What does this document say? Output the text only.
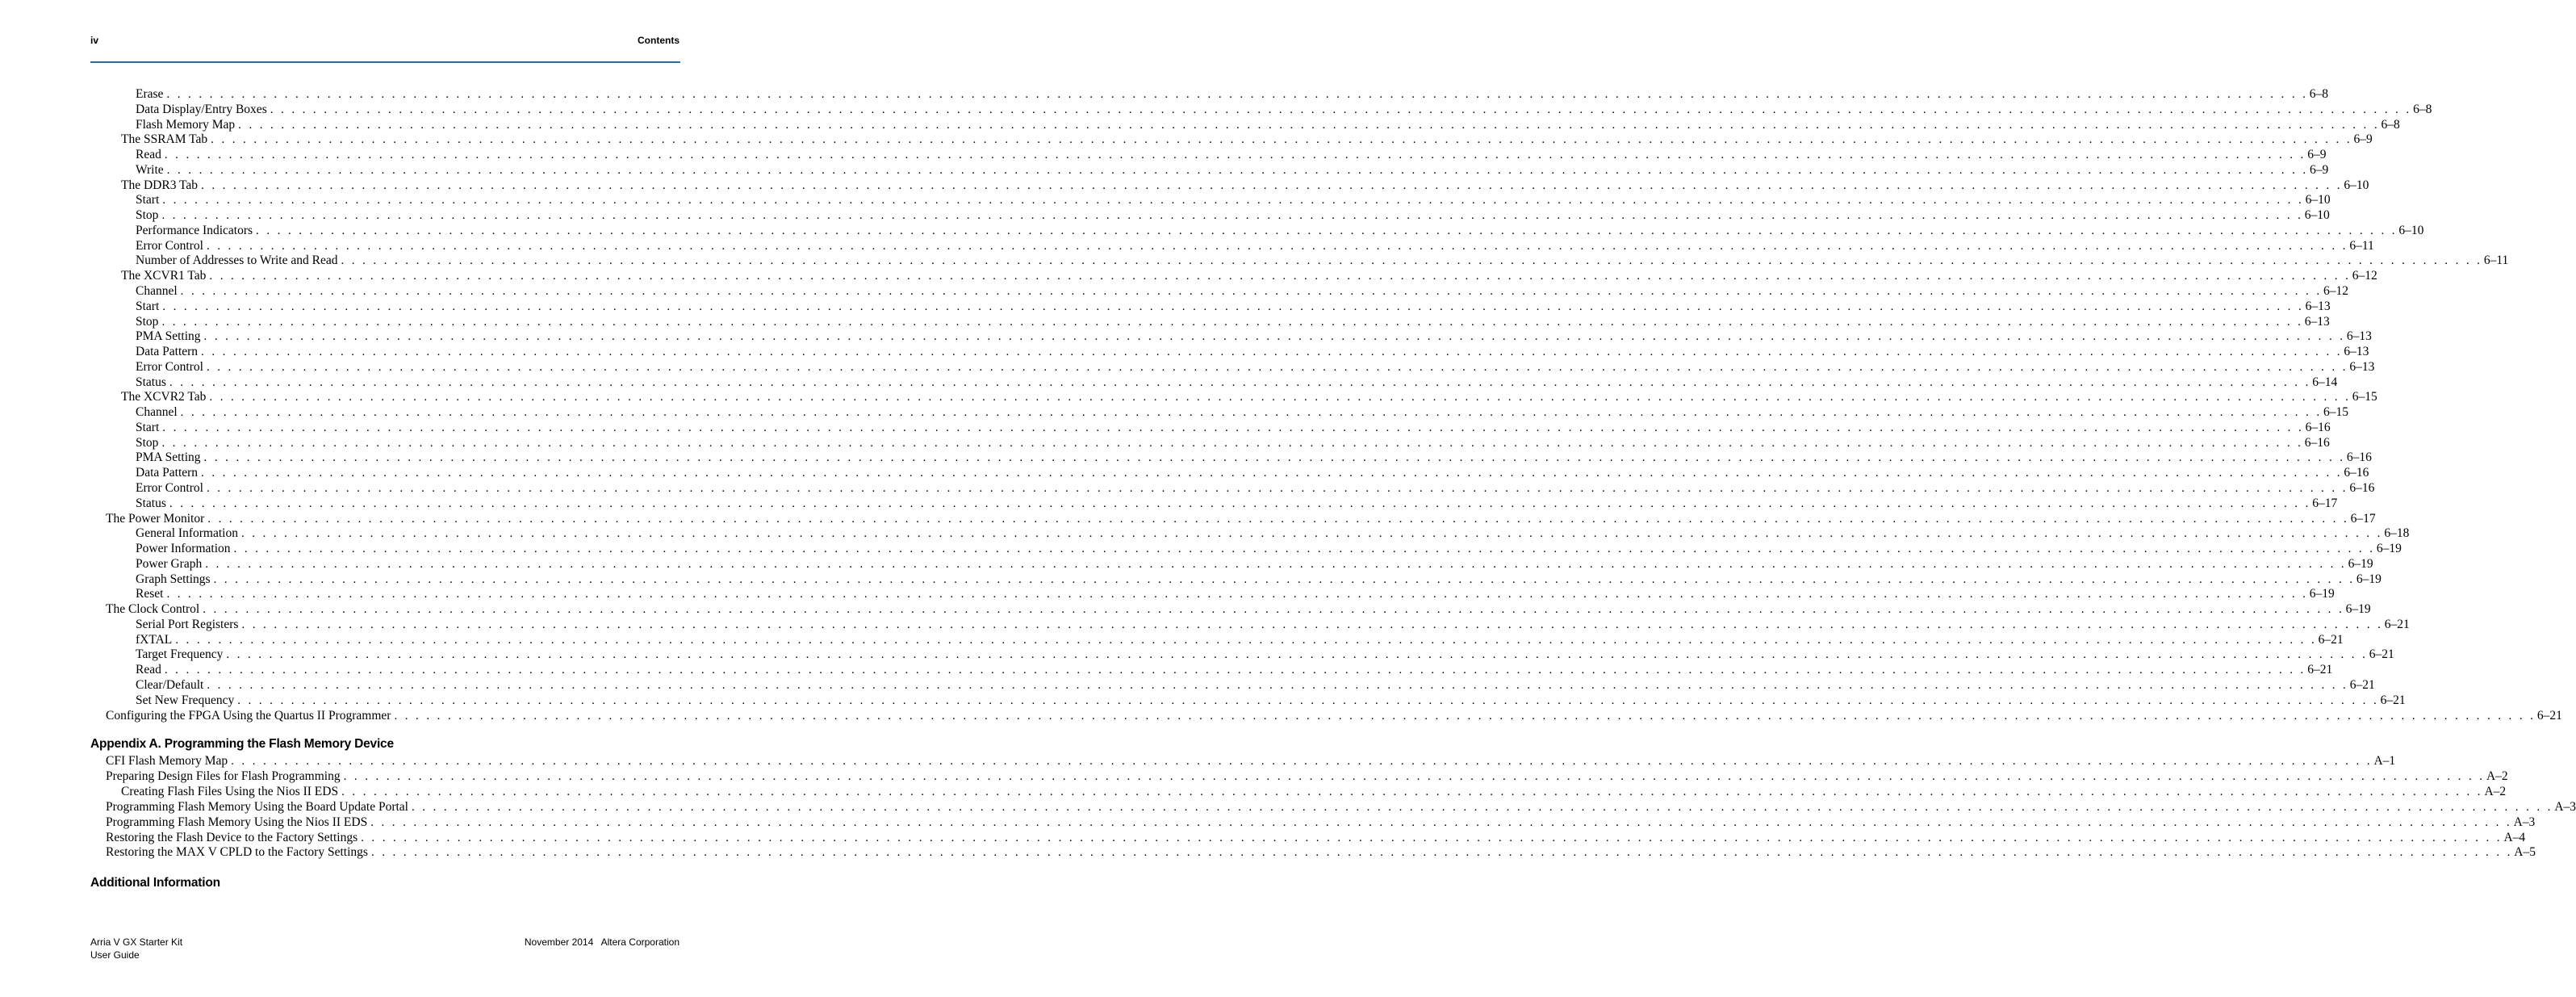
iv	Contents
Erase . . . . . . . . . . . . . . . . . . . . . . . . . . . . . . . . . . . . . . . . . . . . . . . . . . . . . . . . . . . . . . . . . . . . . . . . . . . . . . . . . . . . . . . . . . . . . . . . . . . . . . . . . . . . . . . . . . . . . . . . . . . . . . . . . . . . . . . . . . . . . . . . . . . . . . . . . . . . . . . . . . . . . . . . . . . . . . . . . . . . . . . . . . . . . . . . . . . . . . . . 6–8
Data Display/Entry Boxes . . . . . . . . . . . . . . . . . . . . . . . . . . . . . . . . . . . . . . . . . . . . . . . . . . . . . . . . . . . . . . . . . . . . . . . . . . . . . . . . . . . . . . . . . . . . . . . . . . . . . . . . . . . . . . . . . . . . . . . . . . . . . . . . . . . . . . . . . . . . . . . . . . . . . . . . . . . . . . . . . . . . . . . . . . . . . . . . . . . . . . . . . . . . . . . . . . . . . . . . 6–8
Flash Memory Map . . . . . . . . . . . . . . . . . . . . . . . . . . . . . . . . . . . . . . . . . . . . . . . . . . . . . . . . . . . . . . . . . . . . . . . . . . . . . . . . . . . . . . . . . . . . . . . . . . . . . . . . . . . . . . . . . . . . . . . . . . . . . . . . . . . . . . . . . . . . . . . . . . . . . . . . . . . . . . . . . . . . . . . . . . . . . . . . . . . . . . . . . . . . . . . . . . . . . . . . 6–8
The SSRAM Tab . . . . . . . . . . . . . . . . . . . . . . . . . . . . . . . . . . . . . . . . . . . . . . . . . . . . . . . . . . . . . . . . . . . . . . . . . . . . . . . . . . . . . . . . . . . . . . . . . . . . . . . . . . . . . . . . . . . . . . . . . . . . . . . . . . . . . . . . . . . . . . . . . . . . . . . . . . . . . . . . . . . . . . . . . . . . . . . . . . . . . . . . . . . . . . . . . . . . . . . . 6–9
Read . . . . . . . . . . . . . . . . . . . . . . . . . . . . . . . . . . . . . . . . . . . . . . . . . . . . . . . . . . . . . . . . . . . . . . . . . . . . . . . . . . . . . . . . . . . . . . . . . . . . . . . . . . . . . . . . . . . . . . . . . . . . . . . . . . . . . . . . . . . . . . . . . . . . . . . . . . . . . . . . . . . . . . . . . . . . . . . . . . . . . . . . . . . . . . . . . . . . . . . . 6–9
Write . . . . . . . . . . . . . . . . . . . . . . . . . . . . . . . . . . . . . . . . . . . . . . . . . . . . . . . . . . . . . . . . . . . . . . . . . . . . . . . . . . . . . . . . . . . . . . . . . . . . . . . . . . . . . . . . . . . . . . . . . . . . . . . . . . . . . . . . . . . . . . . . . . . . . . . . . . . . . . . . . . . . . . . . . . . . . . . . . . . . . . . . . . . . . . . . . . . . . . . . 6–9
The DDR3 Tab . . . . . . . . . . . . . . . . . . . . . . . . . . . . . . . . . . . . . . . . . . . . . . . . . . . . . . . . . . . . . . . . . . . . . . . . . . . . . . . . . . . . . . . . . . . . . . . . . . . . . . . . . . . . . . . . . . . . . . . . . . . . . . . . . . . . . . . . . . . . . . . . . . . . . . . . . . . . . . . . . . . . . . . . . . . . . . . . . . . . . . . . . . . . . . . . . . . . . . . . 6–10
Start . . . . . . . . . . . . . . . . . . . . . . . . . . . . . . . . . . . . . . . . . . . . . . . . . . . . . . . . . . . . . . . . . . . . . . . . . . . . . . . . . . . . . . . . . . . . . . . . . . . . . . . . . . . . . . . . . . . . . . . . . . . . . . . . . . . . . . . . . . . . . . . . . . . . . . . . . . . . . . . . . . . . . . . . . . . . . . . . . . . . . . . . . . . . . . . . . . . . . . . . 6–10
Stop . . . . . . . . . . . . . . . . . . . . . . . . . . . . . . . . . . . . . . . . . . . . . . . . . . . . . . . . . . . . . . . . . . . . . . . . . . . . . . . . . . . . . . . . . . . . . . . . . . . . . . . . . . . . . . . . . . . . . . . . . . . . . . . . . . . . . . . . . . . . . . . . . . . . . . . . . . . . . . . . . . . . . . . . . . . . . . . . . . . . . . . . . . . . . . . . . . . . . . . . 6–10
Performance Indicators . . . . . . . . . . . . . . . . . . . . . . . . . . . . . . . . . . . . . . . . . . . . . . . . . . . . . . . . . . . . . . . . . . . . . . . . . . . . . . . . . . . . . . . . . . . . . . . . . . . . . . . . . . . . . . . . . . . . . . . . . . . . . . . . . . . . . . . . . . . . . . . . . . . . . . . . . . . . . . . . . . . . . . . . . . . . . . . . . . . . . . . . . . . . . . . . . . . . . . . . 6–10
Error Control . . . . . . . . . . . . . . . . . . . . . . . . . . . . . . . . . . . . . . . . . . . . . . . . . . . . . . . . . . . . . . . . . . . . . . . . . . . . . . . . . . . . . . . . . . . . . . . . . . . . . . . . . . . . . . . . . . . . . . . . . . . . . . . . . . . . . . . . . . . . . . . . . . . . . . . . . . . . . . . . . . . . . . . . . . . . . . . . . . . . . . . . . . . . . . . . . . . . . . . . 6–11
Number of Addresses to Write and Read . . . . . . . . . . . . . . . . . . . . . . . . . . . . . . . . . . . . . . . . . . . . . . . . . . . . . . . . . . . . . . . . . . . . . . . . . . . . . . . . . . . . . . . . . . . . . . . . . . . . . . . . . . . . . . . . . . . . . . . . . . . . . . . . . . . . . . . . . . . . . . . . . . . . . . . . . . . . . . . . . . . . . . . . . . . . . . . . . . . . . . . . . . . . . . . . . . . . . . . . 6–11
The XCVR1 Tab . . . . . . . . . . . . . . . . . . . . . . . . . . . . . . . . . . . . . . . . . . . . . . . . . . . . . . . . . . . . . . . . . . . . . . . . . . . . . . . . . . . . . . . . . . . . . . . . . . . . . . . . . . . . . . . . . . . . . . . . . . . . . . . . . . . . . . . . . . . . . . . . . . . . . . . . . . . . . . . . . . . . . . . . . . . . . . . . . . . . . . . . . . . . . . . . . . . . . . . . 6–12
Channel . . . . . . . . . . . . . . . . . . . . . . . . . . . . . . . . . . . . . . . . . . . . . . . . . . . . . . . . . . . . . . . . . . . . . . . . . . . . . . . . . . . . . . . . . . . . . . . . . . . . . . . . . . . . . . . . . . . . . . . . . . . . . . . . . . . . . . . . . . . . . . . . . . . . . . . . . . . . . . . . . . . . . . . . . . . . . . . . . . . . . . . . . . . . . . . . . . . . . . . . 6–12
Start . . . . . . . . . . . . . . . . . . . . . . . . . . . . . . . . . . . . . . . . . . . . . . . . . . . . . . . . . . . . . . . . . . . . . . . . . . . . . . . . . . . . . . . . . . . . . . . . . . . . . . . . . . . . . . . . . . . . . . . . . . . . . . . . . . . . . . . . . . . . . . . . . . . . . . . . . . . . . . . . . . . . . . . . . . . . . . . . . . . . . . . . . . . . . . . . . . . . . . . . 6–13
Stop . . . . . . . . . . . . . . . . . . . . . . . . . . . . . . . . . . . . . . . . . . . . . . . . . . . . . . . . . . . . . . . . . . . . . . . . . . . . . . . . . . . . . . . . . . . . . . . . . . . . . . . . . . . . . . . . . . . . . . . . . . . . . . . . . . . . . . . . . . . . . . . . . . . . . . . . . . . . . . . . . . . . . . . . . . . . . . . . . . . . . . . . . . . . . . . . . . . . . . . . 6–13
PMA Setting . . . . . . . . . . . . . . . . . . . . . . . . . . . . . . . . . . . . . . . . . . . . . . . . . . . . . . . . . . . . . . . . . . . . . . . . . . . . . . . . . . . . . . . . . . . . . . . . . . . . . . . . . . . . . . . . . . . . . . . . . . . . . . . . . . . . . . . . . . . . . . . . . . . . . . . . . . . . . . . . . . . . . . . . . . . . . . . . . . . . . . . . . . . . . . . . . . . . . . . . 6–13
Data Pattern . . . . . . . . . . . . . . . . . . . . . . . . . . . . . . . . . . . . . . . . . . . . . . . . . . . . . . . . . . . . . . . . . . . . . . . . . . . . . . . . . . . . . . . . . . . . . . . . . . . . . . . . . . . . . . . . . . . . . . . . . . . . . . . . . . . . . . . . . . . . . . . . . . . . . . . . . . . . . . . . . . . . . . . . . . . . . . . . . . . . . . . . . . . . . . . . . . . . . . . . 6–13
Error Control . . . . . . . . . . . . . . . . . . . . . . . . . . . . . . . . . . . . . . . . . . . . . . . . . . . . . . . . . . . . . . . . . . . . . . . . . . . . . . . . . . . . . . . . . . . . . . . . . . . . . . . . . . . . . . . . . . . . . . . . . . . . . . . . . . . . . . . . . . . . . . . . . . . . . . . . . . . . . . . . . . . . . . . . . . . . . . . . . . . . . . . . . . . . . . . . . . . . . . . . 6–13
Status . . . . . . . . . . . . . . . . . . . . . . . . . . . . . . . . . . . . . . . . . . . . . . . . . . . . . . . . . . . . . . . . . . . . . . . . . . . . . . . . . . . . . . . . . . . . . . . . . . . . . . . . . . . . . . . . . . . . . . . . . . . . . . . . . . . . . . . . . . . . . . . . . . . . . . . . . . . . . . . . . . . . . . . . . . . . . . . . . . . . . . . . . . . . . . . . . . . . . . . . 6–14
The XCVR2 Tab . . . . . . . . . . . . . . . . . . . . . . . . . . . . . . . . . . . . . . . . . . . . . . . . . . . . . . . . . . . . . . . . . . . . . . . . . . . . . . . . . . . . . . . . . . . . . . . . . . . . . . . . . . . . . . . . . . . . . . . . . . . . . . . . . . . . . . . . . . . . . . . . . . . . . . . . . . . . . . . . . . . . . . . . . . . . . . . . . . . . . . . . . . . . . . . . . . . . . . . . 6–15
Channel . . . . . . . . . . . . . . . . . . . . . . . . . . . . . . . . . . . . . . . . . . . . . . . . . . . . . . . . . . . . . . . . . . . . . . . . . . . . . . . . . . . . . . . . . . . . . . . . . . . . . . . . . . . . . . . . . . . . . . . . . . . . . . . . . . . . . . . . . . . . . . . . . . . . . . . . . . . . . . . . . . . . . . . . . . . . . . . . . . . . . . . . . . . . . . . . . . . . . . . . 6–15
Start . . . . . . . . . . . . . . . . . . . . . . . . . . . . . . . . . . . . . . . . . . . . . . . . . . . . . . . . . . . . . . . . . . . . . . . . . . . . . . . . . . . . . . . . . . . . . . . . . . . . . . . . . . . . . . . . . . . . . . . . . . . . . . . . . . . . . . . . . . . . . . . . . . . . . . . . . . . . . . . . . . . . . . . . . . . . . . . . . . . . . . . . . . . . . . . . . . . . . . . . 6–16
Stop . . . . . . . . . . . . . . . . . . . . . . . . . . . . . . . . . . . . . . . . . . . . . . . . . . . . . . . . . . . . . . . . . . . . . . . . . . . . . . . . . . . . . . . . . . . . . . . . . . . . . . . . . . . . . . . . . . . . . . . . . . . . . . . . . . . . . . . . . . . . . . . . . . . . . . . . . . . . . . . . . . . . . . . . . . . . . . . . . . . . . . . . . . . . . . . . . . . . . . . . 6–16
PMA Setting . . . . . . . . . . . . . . . . . . . . . . . . . . . . . . . . . . . . . . . . . . . . . . . . . . . . . . . . . . . . . . . . . . . . . . . . . . . . . . . . . . . . . . . . . . . . . . . . . . . . . . . . . . . . . . . . . . . . . . . . . . . . . . . . . . . . . . . . . . . . . . . . . . . . . . . . . . . . . . . . . . . . . . . . . . . . . . . . . . . . . . . . . . . . . . . . . . . . . . . . 6–16
Data Pattern . . . . . . . . . . . . . . . . . . . . . . . . . . . . . . . . . . . . . . . . . . . . . . . . . . . . . . . . . . . . . . . . . . . . . . . . . . . . . . . . . . . . . . . . . . . . . . . . . . . . . . . . . . . . . . . . . . . . . . . . . . . . . . . . . . . . . . . . . . . . . . . . . . . . . . . . . . . . . . . . . . . . . . . . . . . . . . . . . . . . . . . . . . . . . . . . . . . . . . . . 6–16
Error Control . . . . . . . . . . . . . . . . . . . . . . . . . . . . . . . . . . . . . . . . . . . . . . . . . . . . . . . . . . . . . . . . . . . . . . . . . . . . . . . . . . . . . . . . . . . . . . . . . . . . . . . . . . . . . . . . . . . . . . . . . . . . . . . . . . . . . . . . . . . . . . . . . . . . . . . . . . . . . . . . . . . . . . . . . . . . . . . . . . . . . . . . . . . . . . . . . . . . . . . . 6–16
Status . . . . . . . . . . . . . . . . . . . . . . . . . . . . . . . . . . . . . . . . . . . . . . . . . . . . . . . . . . . . . . . . . . . . . . . . . . . . . . . . . . . . . . . . . . . . . . . . . . . . . . . . . . . . . . . . . . . . . . . . . . . . . . . . . . . . . . . . . . . . . . . . . . . . . . . . . . . . . . . . . . . . . . . . . . . . . . . . . . . . . . . . . . . . . . . . . . . . . . . . 6–17
The Power Monitor . . . . . . . . . . . . . . . . . . . . . . . . . . . . . . . . . . . . . . . . . . . . . . . . . . . . . . . . . . . . . . . . . . . . . . . . . . . . . . . . . . . . . . . . . . . . . . . . . . . . . . . . . . . . . . . . . . . . . . . . . . . . . . . . . . . . . . . . . . . . . . . . . . . . . . . . . . . . . . . . . . . . . . . . . . . . . . . . . . . . . . . . . . . . . . . . . . . . . . . . 6–17
General Information . . . . . . . . . . . . . . . . . . . . . . . . . . . . . . . . . . . . . . . . . . . . . . . . . . . . . . . . . . . . . . . . . . . . . . . . . . . . . . . . . . . . . . . . . . . . . . . . . . . . . . . . . . . . . . . . . . . . . . . . . . . . . . . . . . . . . . . . . . . . . . . . . . . . . . . . . . . . . . . . . . . . . . . . . . . . . . . . . . . . . . . . . . . . . . . . . . . . . . . . 6–18
Power Information . . . . . . . . . . . . . . . . . . . . . . . . . . . . . . . . . . . . . . . . . . . . . . . . . . . . . . . . . . . . . . . . . . . . . . . . . . . . . . . . . . . . . . . . . . . . . . . . . . . . . . . . . . . . . . . . . . . . . . . . . . . . . . . . . . . . . . . . . . . . . . . . . . . . . . . . . . . . . . . . . . . . . . . . . . . . . . . . . . . . . . . . . . . . . . . . . . . . . . . . 6–19
Power Graph . . . . . . . . . . . . . . . . . . . . . . . . . . . . . . . . . . . . . . . . . . . . . . . . . . . . . . . . . . . . . . . . . . . . . . . . . . . . . . . . . . . . . . . . . . . . . . . . . . . . . . . . . . . . . . . . . . . . . . . . . . . . . . . . . . . . . . . . . . . . . . . . . . . . . . . . . . . . . . . . . . . . . . . . . . . . . . . . . . . . . . . . . . . . . . . . . . . . . . . . 6–19
Graph Settings . . . . . . . . . . . . . . . . . . . . . . . . . . . . . . . . . . . . . . . . . . . . . . . . . . . . . . . . . . . . . . . . . . . . . . . . . . . . . . . . . . . . . . . . . . . . . . . . . . . . . . . . . . . . . . . . . . . . . . . . . . . . . . . . . . . . . . . . . . . . . . . . . . . . . . . . . . . . . . . . . . . . . . . . . . . . . . . . . . . . . . . . . . . . . . . . . . . . . . . . 6–19
Reset . . . . . . . . . . . . . . . . . . . . . . . . . . . . . . . . . . . . . . . . . . . . . . . . . . . . . . . . . . . . . . . . . . . . . . . . . . . . . . . . . . . . . . . . . . . . . . . . . . . . . . . . . . . . . . . . . . . . . . . . . . . . . . . . . . . . . . . . . . . . . . . . . . . . . . . . . . . . . . . . . . . . . . . . . . . . . . . . . . . . . . . . . . . . . . . . . . . . . . . . 6–19
The Clock Control . . . . . . . . . . . . . . . . . . . . . . . . . . . . . . . . . . . . . . . . . . . . . . . . . . . . . . . . . . . . . . . . . . . . . . . . . . . . . . . . . . . . . . . . . . . . . . . . . . . . . . . . . . . . . . . . . . . . . . . . . . . . . . . . . . . . . . . . . . . . . . . . . . . . . . . . . . . . . . . . . . . . . . . . . . . . . . . . . . . . . . . . . . . . . . . . . . . . . . . . 6–19
Serial Port Registers . . . . . . . . . . . . . . . . . . . . . . . . . . . . . . . . . . . . . . . . . . . . . . . . . . . . . . . . . . . . . . . . . . . . . . . . . . . . . . . . . . . . . . . . . . . . . . . . . . . . . . . . . . . . . . . . . . . . . . . . . . . . . . . . . . . . . . . . . . . . . . . . . . . . . . . . . . . . . . . . . . . . . . . . . . . . . . . . . . . . . . . . . . . . . . . . . . . . . . . . 6–21
fXTAL . . . . . . . . . . . . . . . . . . . . . . . . . . . . . . . . . . . . . . . . . . . . . . . . . . . . . . . . . . . . . . . . . . . . . . . . . . . . . . . . . . . . . . . . . . . . . . . . . . . . . . . . . . . . . . . . . . . . . . . . . . . . . . . . . . . . . . . . . . . . . . . . . . . . . . . . . . . . . . . . . . . . . . . . . . . . . . . . . . . . . . . . . . . . . . . . . . . . . . . . 6–21
Target Frequency . . . . . . . . . . . . . . . . . . . . . . . . . . . . . . . . . . . . . . . . . . . . . . . . . . . . . . . . . . . . . . . . . . . . . . . . . . . . . . . . . . . . . . . . . . . . . . . . . . . . . . . . . . . . . . . . . . . . . . . . . . . . . . . . . . . . . . . . . . . . . . . . . . . . . . . . . . . . . . . . . . . . . . . . . . . . . . . . . . . . . . . . . . . . . . . . . . . . . . . . 6–21
Read . . . . . . . . . . . . . . . . . . . . . . . . . . . . . . . . . . . . . . . . . . . . . . . . . . . . . . . . . . . . . . . . . . . . . . . . . . . . . . . . . . . . . . . . . . . . . . . . . . . . . . . . . . . . . . . . . . . . . . . . . . . . . . . . . . . . . . . . . . . . . . . . . . . . . . . . . . . . . . . . . . . . . . . . . . . . . . . . . . . . . . . . . . . . . . . . . . . . . . . . 6–21
Clear/Default . . . . . . . . . . . . . . . . . . . . . . . . . . . . . . . . . . . . . . . . . . . . . . . . . . . . . . . . . . . . . . . . . . . . . . . . . . . . . . . . . . . . . . . . . . . . . . . . . . . . . . . . . . . . . . . . . . . . . . . . . . . . . . . . . . . . . . . . . . . . . . . . . . . . . . . . . . . . . . . . . . . . . . . . . . . . . . . . . . . . . . . . . . . . . . . . . . . . . . . . 6–21
Set New Frequency . . . . . . . . . . . . . . . . . . . . . . . . . . . . . . . . . . . . . . . . . . . . . . . . . . . . . . . . . . . . . . . . . . . . . . . . . . . . . . . . . . . . . . . . . . . . . . . . . . . . . . . . . . . . . . . . . . . . . . . . . . . . . . . . . . . . . . . . . . . . . . . . . . . . . . . . . . . . . . . . . . . . . . . . . . . . . . . . . . . . . . . . . . . . . . . . . . . . . . . . 6–21
Configuring the FPGA Using the Quartus II Programmer . . . . . . . . . . . . . . . . . . . . . . . . . . . . . . . . . . . . . . . . . . . . . . . . . . . . . . . . . . . . . . . . . . . . . . . . . . . . . . . . . . . . . . . . . . . . . . . . . . . . . . . . . . . . . . . . . . . . . . . . . . . . . . . . . . . . . . . . . . . . . . . . . . . . . . . . . . . . . . . . . . . . . . . . . . . . . . . . . . . . . . . . . . . . . . . . . . . . . . . . 6–21
Appendix A. Programming the Flash Memory Device
CFI Flash Memory Map . . . . . . . . . . . . . . . . . . . . . . . . . . . . . . . . . . . . . . . . . . . . . . . . . . . . . . . . . . . . . . . . . . . . . . . . . . . . . . . . . . . . . . . . . . . . . . . . . . . . . . . . . . . . . . . . . . . . . . . . . . . . . . . . . . . . . . . . . . . . . . . . . . . . . . . . . . . . . . . . . . . . . . . . . . . . . . . . . . . . . . . . . . . . . . . . . . . . . . . . A–1
Preparing Design Files for Flash Programming . . . . . . . . . . . . . . . . . . . . . . . . . . . . . . . . . . . . . . . . . . . . . . . . . . . . . . . . . . . . . . . . . . . . . . . . . . . . . . . . . . . . . . . . . . . . . . . . . . . . . . . . . . . . . . . . . . . . . . . . . . . . . . . . . . . . . . . . . . . . . . . . . . . . . . . . . . . . . . . . . . . . . . . . . . . . . . . . . . . . . . . . . . . . . . . . . . . . . . . . A–2
Creating Flash Files Using the Nios II EDS . . . . . . . . . . . . . . . . . . . . . . . . . . . . . . . . . . . . . . . . . . . . . . . . . . . . . . . . . . . . . . . . . . . . . . . . . . . . . . . . . . . . . . . . . . . . . . . . . . . . . . . . . . . . . . . . . . . . . . . . . . . . . . . . . . . . . . . . . . . . . . . . . . . . . . . . . . . . . . . . . . . . . . . . . . . . . . . . . . . . . . . . . . . . . . . . . . . . . . . . A–2
Programming Flash Memory Using the Board Update Portal . . . . . . . . . . . . . . . . . . . . . . . . . . . . . . . . . . . . . . . . . . . . . . . . . . . . . . . . . . . . . . . . . . . . . . . . . . . . . . . . . . . . . . . . . . . . . . . . . . . . . . . . . . . . . . . . . . . . . . . . . . . . . . . . . . . . . . . . . . . . . . . . . . . . . . . . . . . . . . . . . . . . . . . . . . . . . . . . . . . . . . . . . . . . . . . . . . . . . . . . A–3
Programming Flash Memory Using the Nios II EDS . . . . . . . . . . . . . . . . . . . . . . . . . . . . . . . . . . . . . . . . . . . . . . . . . . . . . . . . . . . . . . . . . . . . . . . . . . . . . . . . . . . . . . . . . . . . . . . . . . . . . . . . . . . . . . . . . . . . . . . . . . . . . . . . . . . . . . . . . . . . . . . . . . . . . . . . . . . . . . . . . . . . . . . . . . . . . . . . . . . . . . . . . . . . . . . . . . . . . . . . A–3
Restoring the Flash Device to the Factory Settings . . . . . . . . . . . . . . . . . . . . . . . . . . . . . . . . . . . . . . . . . . . . . . . . . . . . . . . . . . . . . . . . . . . . . . . . . . . . . . . . . . . . . . . . . . . . . . . . . . . . . . . . . . . . . . . . . . . . . . . . . . . . . . . . . . . . . . . . . . . . . . . . . . . . . . . . . . . . . . . . . . . . . . . . . . . . . . . . . . . . . . . . . . . . . . . . . . . . . . . . A–4
Restoring the MAX V CPLD to the Factory Settings . . . . . . . . . . . . . . . . . . . . . . . . . . . . . . . . . . . . . . . . . . . . . . . . . . . . . . . . . . . . . . . . . . . . . . . . . . . . . . . . . . . . . . . . . . . . . . . . . . . . . . . . . . . . . . . . . . . . . . . . . . . . . . . . . . . . . . . . . . . . . . . . . . . . . . . . . . . . . . . . . . . . . . . . . . . . . . . . . . . . . . . . . . . . . . . . . . . . . . . . A–5
Additional Information
Arria V GX Starter Kit
User Guide
November 2014   Altera Corporation
